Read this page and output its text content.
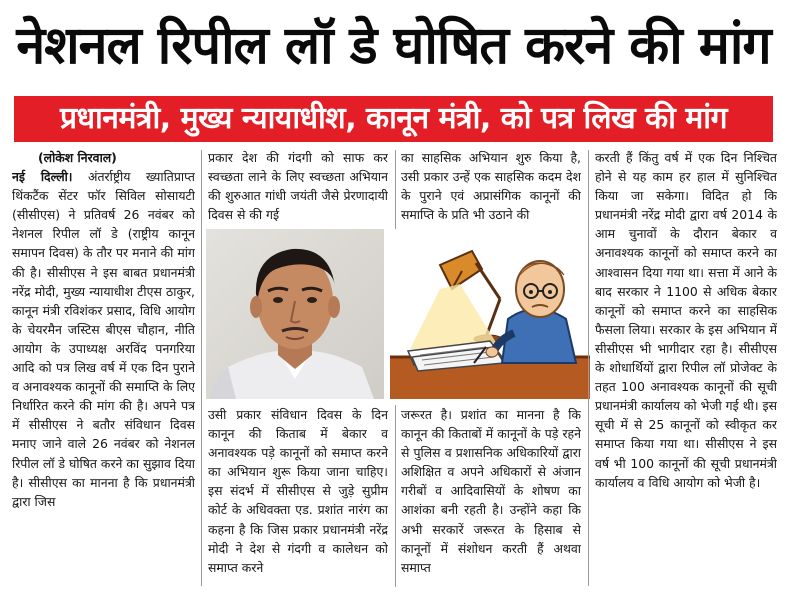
नेशनल रिपील लॉ डे घोषित करने की मांग
प्रधानमंत्री, मुख्य न्यायाधीश, कानून मंत्री, को पत्र लिख की मांग
(लोकेश निरवाल)
नई दिल्ली। अंतर्राष्ट्रीय ख्यातिप्राप्त थिंकटैंक सेंटर फॉर सिविल सोसायटी (सीसीएस) ने प्रतिवर्ष 26 नवंबर को नेशनल रिपील लॉ डे (राष्ट्रीय कानून समापन दिवस) के तौर पर मनाने की मांग की है। सीसीएस ने इस बाबत प्रधानमंत्री नरेंद्र मोदी, मुख्य न्यायाधीश टीएस ठाकुर, कानून मंत्री रविशंकर प्रसाद, विधि आयोग के चेयरमैन जस्टिस बीएस चौहान, नीति आयोग के उपाध्यक्ष अरविंद पनगरिया आदि को पत्र लिख वर्ष में एक दिन पुराने व अनावश्यक कानूनों की समाप्ति के लिए निर्धारित करने की मांग की है। अपने पत्र में सीसीएस ने बतौर संविधान दिवस मनाए जाने वाले 26 नवंबर को नेशनल रिपील लॉ डे घोषित करने का सुझाव दिया है। सीसीएस का मानना है कि प्रधानमंत्री द्वारा जिस
प्रकार देश की गंदगी को साफ कर स्वच्छता लाने के लिए स्वच्छता अभियान की शुरुआत गांधी जयंती जैसे प्रेरणादायी दिवस से की गई
का साहसिक अभियान शुरु किया है, उसी प्रकार उन्हें एक साहसिक कदम देश के पुराने एवं अप्रासंगिक कानूनों की समाप्ति के प्रति भी उठाने की
उसी प्रकार संविधान दिवस के दिन कानून की किताब में बेकार व अनावश्यक पड़े कानूनों को समाप्त करने का अभियान शुरू किया जाना चाहिए। इस संदर्भ में सीसीएस से जुड़े सुप्रीम कोर्ट के अधिवक्ता एड. प्रशांत नारंग का कहना है कि जिस प्रकार प्रधानमंत्री नरेंद्र मोदी ने देश से गंदगी व कालेधन को समाप्त करने
जरूरत है। प्रशांत का मानना है कि कानून की किताबों में कानूनों के पड़े रहने से पुलिस व प्रशासनिक अधिकारियों द्वारा अशिक्षित व अपने अधिकारों से अंजान गरीबों व आदिवासियों के शोषण का आशंका बनी रहती है। उन्होंने कहा कि अभी सरकारें जरूरत के हिसाब से कानूनों में संशोधन करती हैं अथवा समाप्त
करती हैं किंतु वर्ष में एक दिन निश्चित होने से यह काम हर हाल में सुनिश्चित किया जा सकेगा। विदित हो कि प्रधानमंत्री नरेंद्र मोदी द्वारा वर्ष 2014 के आम चुनावों के दौरान बेकार व अनावश्यक कानूनों को समाप्त करने का आश्वासन दिया गया था। सत्ता में आने के बाद सरकार ने 1100 से अधिक बेकार कानूनों को समाप्त करने का साहसिक फैसला लिया। सरकार के इस अभियान में सीसीएस भी भागीदार रहा है। सीसीएस के शोधार्थियों द्वारा रिपील लॉ प्रोजेक्ट के तहत 100 अनावश्यक कानूनों की सूची प्रधानमंत्री कार्यालय को भेजी गई थी। इस सूची में से 25 कानूनों को स्वीकृत कर समाप्त किया गया था। सीसीएस ने इस वर्ष भी 100 कानूनों की सूची प्रधानमंत्री कार्यालय व विधि आयोग को भेजी है।
